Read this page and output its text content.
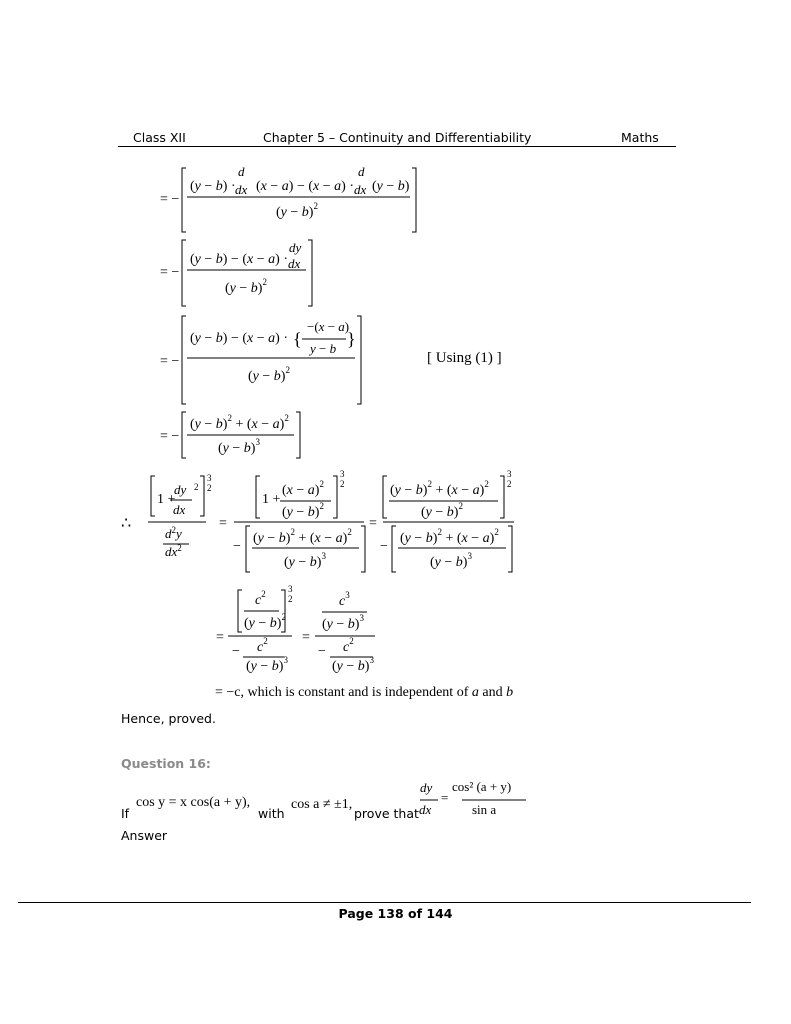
Class XII	Chapter 5 – Continuity and Differentiability	Maths
= −
(y − b) ·
d
dx (x − a) − (x − a) ·
d
dx (y − b)
$(y - b)^2$
= −
(y − b) − (x − a) ·
dy
dx
$(y - b)^2$
= −
(y − b) − (x − a) · {
−(x − a)
y − b }
$(y - b)^2$
= −
$(y - b)^2 + (x - a)^2$
$(y - b)^3$
∴
1 +
dy
dx
2
3
2
$d^2y$
$dx^2$
=
1 +
$(x - a)^2$
$(y - b)^2$
3
2
−
$(y - b)^2 + (x - a)^2$
$(y - b)^3$
=
$(y - b)^2 + (x - a)^2$
$(y - b)^2$
3
2
−
$(y - b)^2 + (x - a)^2$
$(y - b)^3$
=
$c^2$
$(y - b)^2$
3
2
− $c^2$
$(y - b)^3$
=
$c^3$
$(y - b)^3$
− $c^2$
$(y - b)^3$
[ Using (1) ]
= −c, which is constant and is independent of a and b
Hence, proved.
Question 16:
If
cos y = x cos(a + y),
with
cos a ≠ ±1,
prove that
dy
dx
=
cos² (a + y)
sin a
Answer
Page 138 of 144
